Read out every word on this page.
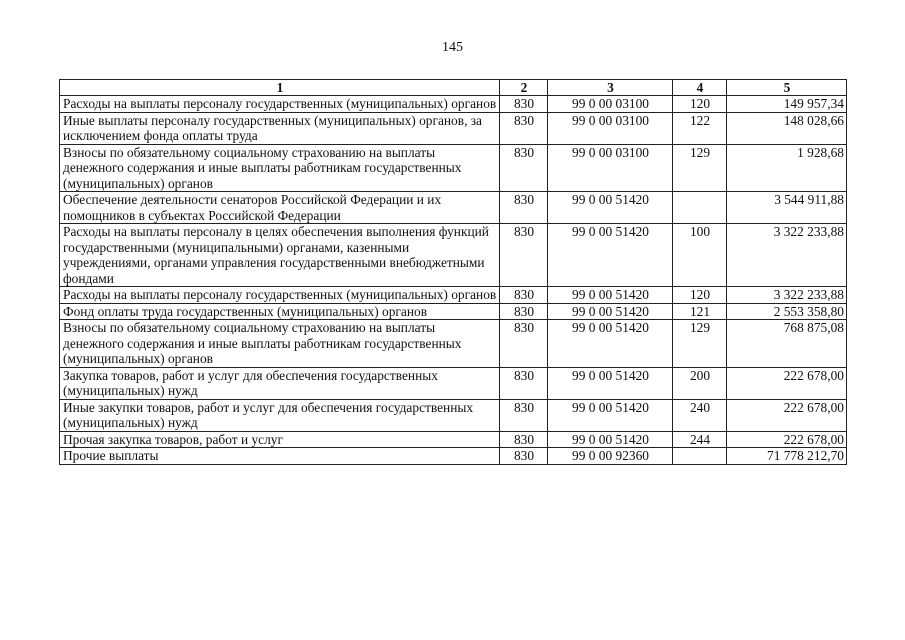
145
1	2	3	4	5
Расходы на выплаты персоналу государственных (муниципальных) органов	830	99 0 00 03100	120	149 957,34
Иные выплаты персоналу государственных (муниципальных) органов, за исключением фонда оплаты труда	830	99 0 00 03100	122	148 028,66
Взносы по обязательному социальному страхованию на выплаты денежного содержания и иные выплаты работникам государственных (муниципальных) органов	830	99 0 00 03100	129	1 928,68
Обеспечение деятельности сенаторов Российской Федерации и их помощников в субъектах Российской Федерации	830	99 0 00 51420		3 544 911,88
Расходы на выплаты персоналу в целях обеспечения выполнения функций государственными (муниципальными) органами, казенными учреждениями, органами управления государственными внебюджетными фондами	830	99 0 00 51420	100	3 322 233,88
Расходы на выплаты персоналу государственных (муниципальных) органов	830	99 0 00 51420	120	3 322 233,88
Фонд оплаты труда государственных (муниципальных) органов	830	99 0 00 51420	121	2 553 358,80
Взносы по обязательному социальному страхованию на выплаты денежного содержания и иные выплаты работникам государственных (муниципальных) органов	830	99 0 00 51420	129	768 875,08
Закупка товаров, работ и услуг для обеспечения государственных (муниципальных) нужд	830	99 0 00 51420	200	222 678,00
Иные закупки товаров, работ и услуг для обеспечения государственных (муниципальных) нужд	830	99 0 00 51420	240	222 678,00
Прочая закупка товаров, работ и услуг	830	99 0 00 51420	244	222 678,00
Прочие выплаты	830	99 0 00 92360		71 778 212,70
